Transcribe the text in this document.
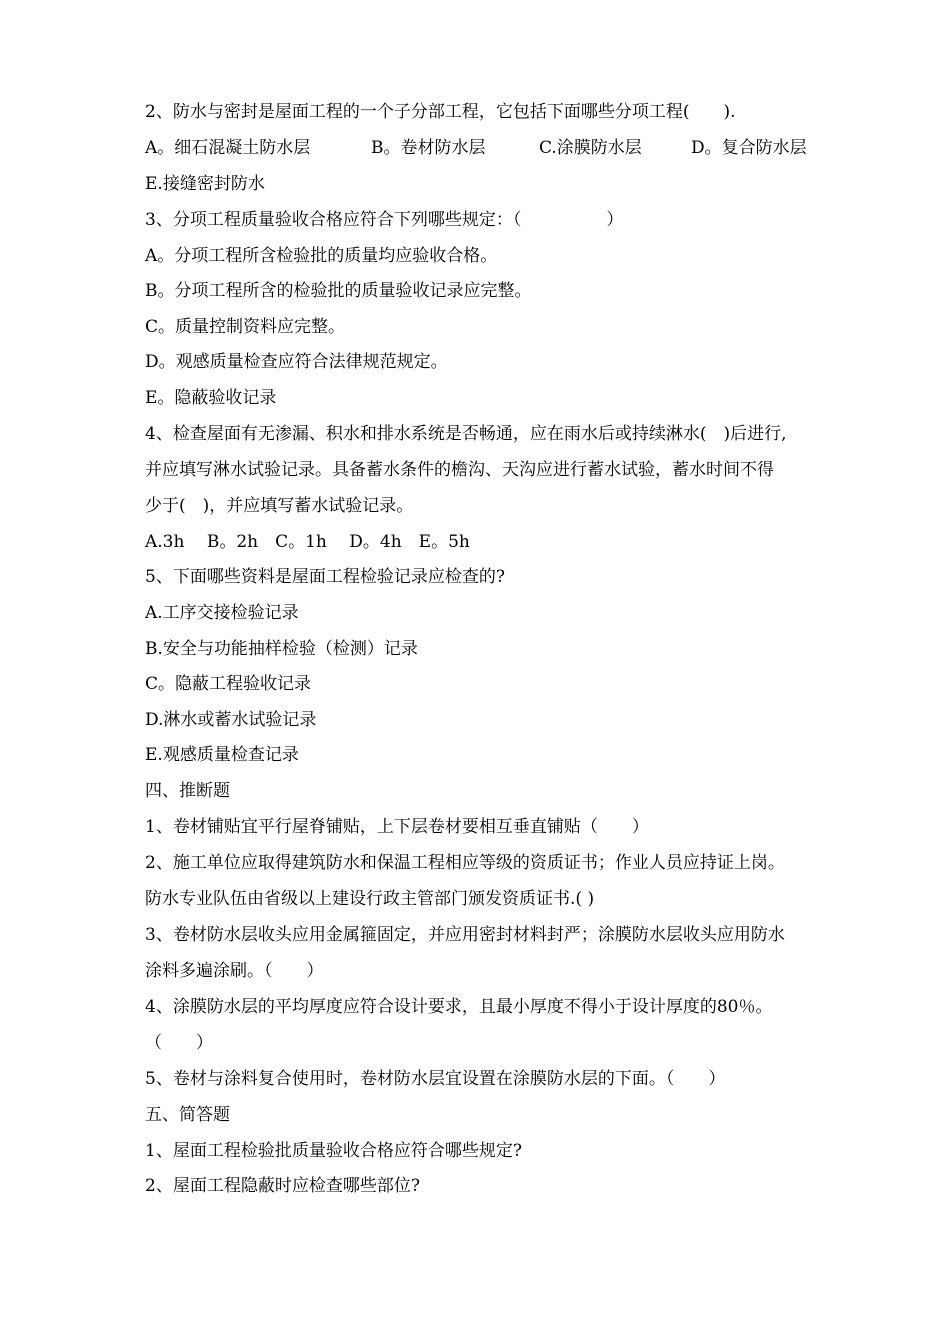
2、防水与密封是屋面工程的一个子分部工程，它包括下面哪些分项工程(　　).
A。细石混凝土防水层	B。卷材防水层	C.涂膜防水层	D。复合防水层
E.接缝密封防水
3、分项工程质量验收合格应符合下列哪些规定：（　　　　　）
A。分项工程所含检验批的质量均应验收合格。
B。分项工程所含的检验批的质量验收记录应完整。
C。质量控制资料应完整。
D。观感质量检查应符合法律规范规定。
E。隐蔽验收记录
4、检查屋面有无渗漏、积水和排水系统是否畅通，应在雨水后或持续淋水(　)后进行,
并应填写淋水试验记录。具备蓄水条件的檐沟、天沟应进行蓄水试验，蓄水时间不得
少于(　)，并应填写蓄水试验记录。
A.3h　 B。2h　C。1h　 D。4h　E。5h
5、下面哪些资料是屋面工程检验记录应检查的?
A.工序交接检验记录
B.安全与功能抽样检验（检测）记录
C。隐蔽工程验收记录
D.淋水或蓄水试验记录
E.观感质量检查记录
四、推断题
1、卷材铺贴宜平行屋脊铺贴，上下层卷材要相互垂直铺贴（　　）
2、施工单位应取得建筑防水和保温工程相应等级的资质证书；作业人员应持证上岗。
防水专业队伍由省级以上建设行政主管部门颁发资质证书.( )
3、卷材防水层收头应用金属箍固定，并应用密封材料封严；涂膜防水层收头应用防水
涂料多遍涂刷。（　　）
4、涂膜防水层的平均厚度应符合设计要求，且最小厚度不得小于设计厚度的80％。
（　　）
5、卷材与涂料复合使用时，卷材防水层宜设置在涂膜防水层的下面。（　　）
五、简答题
1、屋面工程检验批质量验收合格应符合哪些规定?
2、屋面工程隐蔽时应检查哪些部位?
